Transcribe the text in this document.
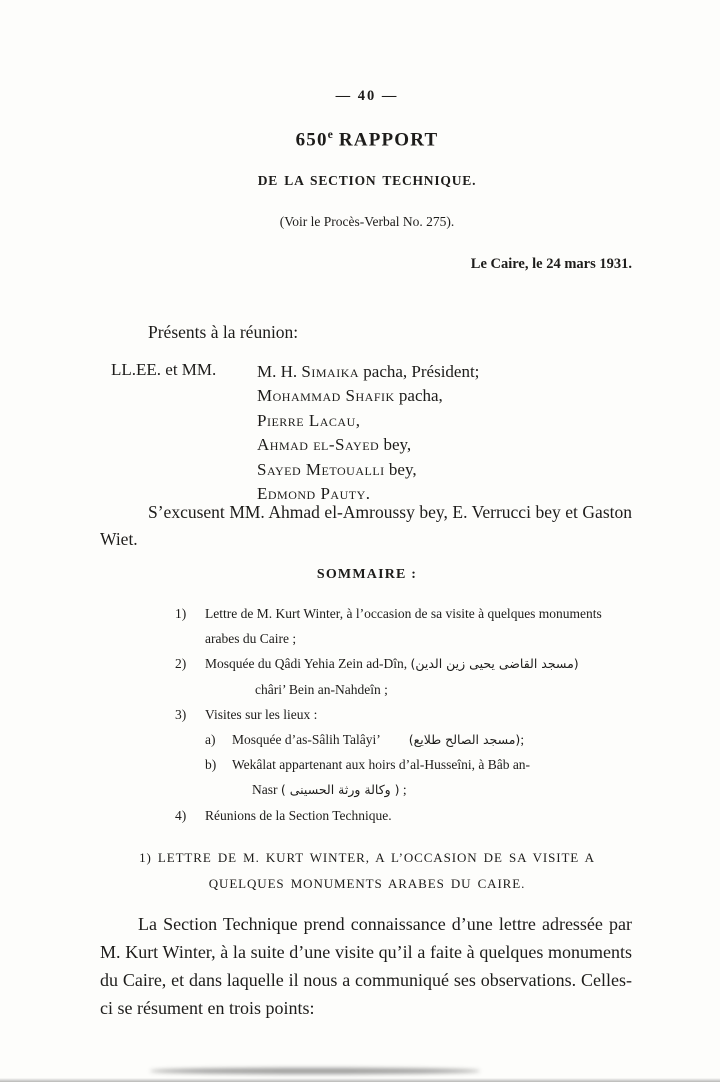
— 40 —
650e RAPPORT
DE LA SECTION TECHNIQUE.
(Voir le Procès-Verbal No. 275).
Le Caire, le 24 mars 1931.

Présents à la réunion:

LL.EE. et MM.	M. H. Simaika pacha, Président;
Mohammad Shafik pacha,
Pierre Lacau,
Ahmad el-Sayed bey,
Sayed Metoualli bey,
Edmond Pauty.

S’excusent MM. Ahmad el-Amroussy bey, E. Verrucci bey et Gaston Wiet.

SOMMAIRE :
1)	Lettre de M. Kurt Winter, à l’occasion de sa visite à quelques monuments arabes du Caire ;
2)	Mosquée du Qâdi Yehia Zein ad-Dîn, (مسجد القاضى يحيى زين الدين)
châri’ Bein an-Nahdeîn ;
3)	Visites sur les lieux :
a)	Mosquée d’as-Sâlih Talâyi’ (مسجد الصالح طلايع);
b)	Wekâlat appartenant aux hoirs d’al-Husseîni, à Bâb an-
Nasr ( وكالة ورثة الحسينى ) ;
4)	Réunions de la Section Technique.
1) LETTRE DE M. KURT WINTER, A L’OCCASION DE SA VISITE A
QUELQUES MONUMENTS ARABES DU CAIRE.

La Section Technique prend connaissance d’une lettre adressée par M. Kurt Winter, à la suite d’une visite qu’il a faite à quelques monuments du Caire, et dans laquelle il nous a communiqué ses observations. Celles-ci se résument en trois points:
